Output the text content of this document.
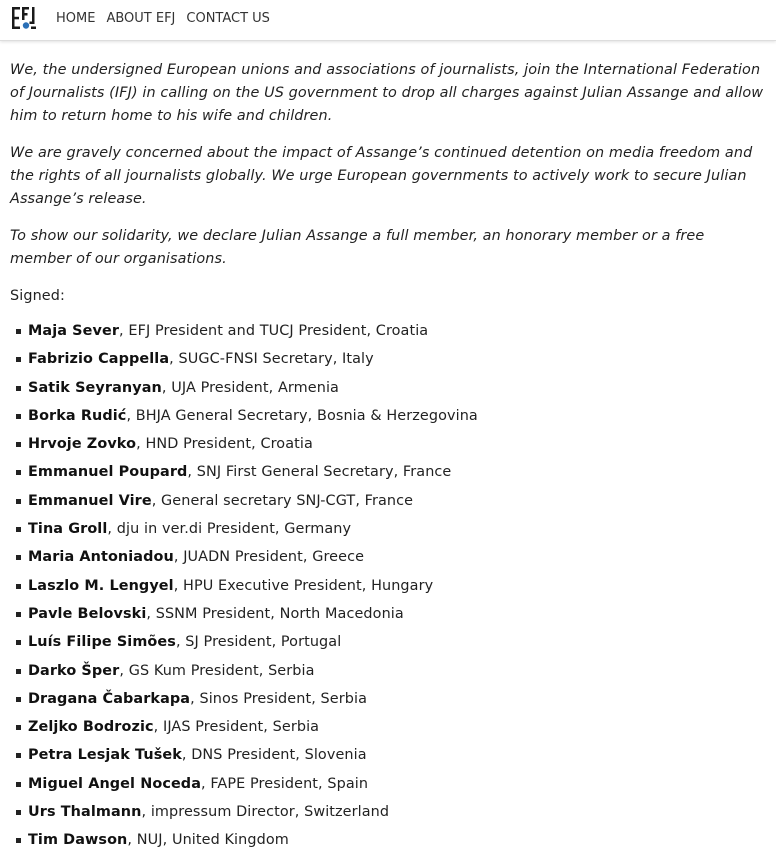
We, the undersigned European unions and associations of journalists, join the International Federation of Journalists (IFJ) in calling on the US government to drop all charges against Julian Assange and allow him to return home to his wife and children.

We are gravely concerned about the impact of Assange’s continued detention on media freedom and the rights of all journalists globally. We urge European governments to actively work to secure Julian Assange’s release.

To show our solidarity, we declare Julian Assange a full member, an honorary member or a free member of our organisations.

Signed:

Maja Sever, EFJ President and TUCJ President, Croatia
Fabrizio Cappella, SUGC-FNSI Secretary, Italy
Satik Seyranyan, UJA President, Armenia
Borka Rudić, BHJA General Secretary, Bosnia & Herzegovina
Hrvoje Zovko, HND President, Croatia
Emmanuel Poupard, SNJ First General Secretary, France
Emmanuel Vire, General secretary SNJ-CGT, France
Tina Groll, dju in ver.di President, Germany
Maria Antoniadou, JUADN President, Greece
Laszlo M. Lengyel, HPU Executive President, Hungary
Pavle Belovski, SSNM President, North Macedonia
Luís Filipe Simões, SJ President, Portugal
Darko Šper, GS Kum President, Serbia
Dragana Čabarkapa, Sinos President, Serbia
Zeljko Bodrozic, IJAS President, Serbia
Petra Lesjak Tušek, DNS President, Slovenia
Miguel Angel Noceda, FAPE President, Spain
Urs Thalmann, impressum Director, Switzerland
Tim Dawson, NUJ, United Kingdom
HOME ABOUT EFJ CONTACT US
